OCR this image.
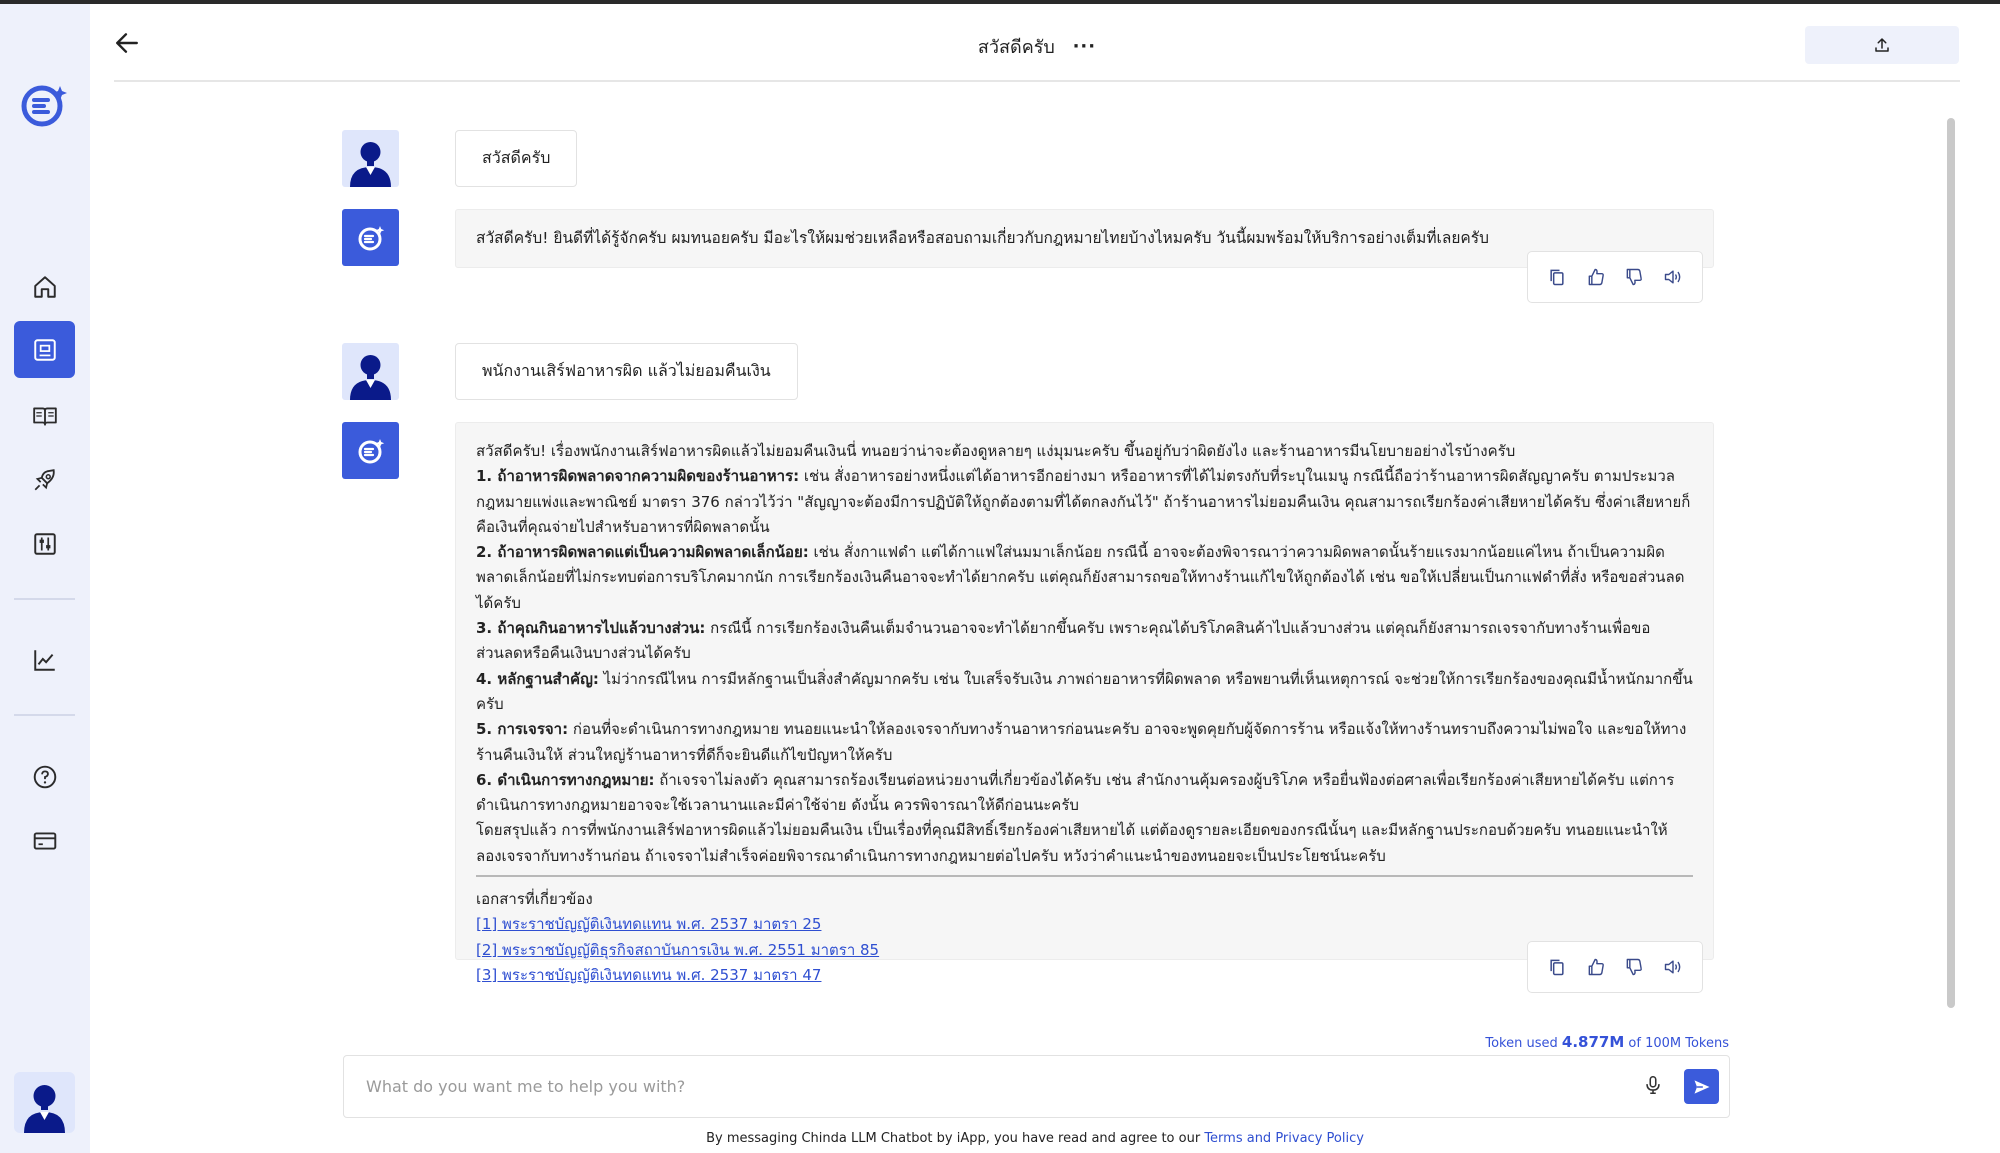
สวัสดีครับ ···
สวัสดีครับ

สวัสดีครับ! ยินดีที่ได้รู้จักครับ ผมทนอยครับ มีอะไรให้ผมช่วยเหลือหรือสอบถามเกี่ยวกับกฎหมายไทยบ้างไหมครับ วันนี้ผมพร้อมให้บริการอย่างเต็มที่เลยครับ

พนักงานเสิร์ฟอาหารผิด แล้วไม่ยอมคืนเงิน

สวัสดีครับ! เรื่องพนักงานเสิร์ฟอาหารผิดแล้วไม่ยอมคืนเงินนี่ ทนอยว่าน่าจะต้องดูหลายๆ แง่มุมนะครับ ขึ้นอยู่กับว่าผิดยังไง และร้านอาหารมีนโยบายอย่างไรบ้างครับ

1. ถ้าอาหารผิดพลาดจากความผิดของร้านอาหาร: เช่น สั่งอาหารอย่างหนึ่งแต่ได้อาหารอีกอย่างมา หรืออาหารที่ได้ไม่ตรงกับที่ระบุในเมนู กรณีนี้ถือว่าร้านอาหารผิดสัญญาครับ ตามประมวลกฎหมายแพ่งและพาณิชย์ มาตรา 376 กล่าวไว้ว่า "สัญญาจะต้องมีการปฏิบัติให้ถูกต้องตามที่ได้ตกลงกันไว้" ถ้าร้านอาหารไม่ยอมคืนเงิน คุณสามารถเรียกร้องค่าเสียหายได้ครับ ซึ่งค่าเสียหายก็คือเงินที่คุณจ่ายไปสำหรับอาหารที่ผิดพลาดนั้น

2. ถ้าอาหารผิดพลาดแต่เป็นความผิดพลาดเล็กน้อย: เช่น สั่งกาแฟดำ แต่ได้กาแฟใส่นมมาเล็กน้อย กรณีนี้ อาจจะต้องพิจารณาว่าความผิดพลาดนั้นร้ายแรงมากน้อยแค่ไหน ถ้าเป็นความผิดพลาดเล็กน้อยที่ไม่กระทบต่อการบริโภคมากนัก การเรียกร้องเงินคืนอาจจะทำได้ยากครับ แต่คุณก็ยังสามารถขอให้ทางร้านแก้ไขให้ถูกต้องได้ เช่น ขอให้เปลี่ยนเป็นกาแฟดำที่สั่ง หรือขอส่วนลดได้ครับ

3. ถ้าคุณกินอาหารไปแล้วบางส่วน: กรณีนี้ การเรียกร้องเงินคืนเต็มจำนวนอาจจะทำได้ยากขึ้นครับ เพราะคุณได้บริโภคสินค้าไปแล้วบางส่วน แต่คุณก็ยังสามารถเจรจากับทางร้านเพื่อขอส่วนลดหรือคืนเงินบางส่วนได้ครับ

4. หลักฐานสำคัญ: ไม่ว่ากรณีไหน การมีหลักฐานเป็นสิ่งสำคัญมากครับ เช่น ใบเสร็จรับเงิน ภาพถ่ายอาหารที่ผิดพลาด หรือพยานที่เห็นเหตุการณ์ จะช่วยให้การเรียกร้องของคุณมีน้ำหนักมากขึ้นครับ

5. การเจรจา: ก่อนที่จะดำเนินการทางกฎหมาย ทนอยแนะนำให้ลองเจรจากับทางร้านอาหารก่อนนะครับ อาจจะพูดคุยกับผู้จัดการร้าน หรือแจ้งให้ทางร้านทราบถึงความไม่พอใจ และขอให้ทางร้านคืนเงินให้ ส่วนใหญ่ร้านอาหารที่ดีก็จะยินดีแก้ไขปัญหาให้ครับ

6. ดำเนินการทางกฎหมาย: ถ้าเจรจาไม่ลงตัว คุณสามารถร้องเรียนต่อหน่วยงานที่เกี่ยวข้องได้ครับ เช่น สำนักงานคุ้มครองผู้บริโภค หรือยื่นฟ้องต่อศาลเพื่อเรียกร้องค่าเสียหายได้ครับ แต่การดำเนินการทางกฎหมายอาจจะใช้เวลานานและมีค่าใช้จ่าย ดังนั้น ควรพิจารณาให้ดีก่อนนะครับ

โดยสรุปแล้ว การที่พนักงานเสิร์ฟอาหารผิดแล้วไม่ยอมคืนเงิน เป็นเรื่องที่คุณมีสิทธิ์เรียกร้องค่าเสียหายได้ แต่ต้องดูรายละเอียดของกรณีนั้นๆ และมีหลักฐานประกอบด้วยครับ ทนอยแนะนำให้ลองเจรจากับทางร้านก่อน ถ้าเจรจาไม่สำเร็จค่อยพิจารณาดำเนินการทางกฎหมายต่อไปครับ หวังว่าคำแนะนำของทนอยจะเป็นประโยชน์นะครับ

เอกสารที่เกี่ยวข้อง

[1] พระราชบัญญัติเงินทดแทน พ.ศ. 2537 มาตรา 25
[2] พระราชบัญญัติธุรกิจสถาบันการเงิน พ.ศ. 2551 มาตรา 85
[3] พระราชบัญญัติเงินทดแทน พ.ศ. 2537 มาตรา 47
Token used 4.877M of 100M Tokens
What do you want me to help you with?
By messaging Chinda LLM Chatbot by iApp, you have read and agree to our Terms and Privacy Policy
